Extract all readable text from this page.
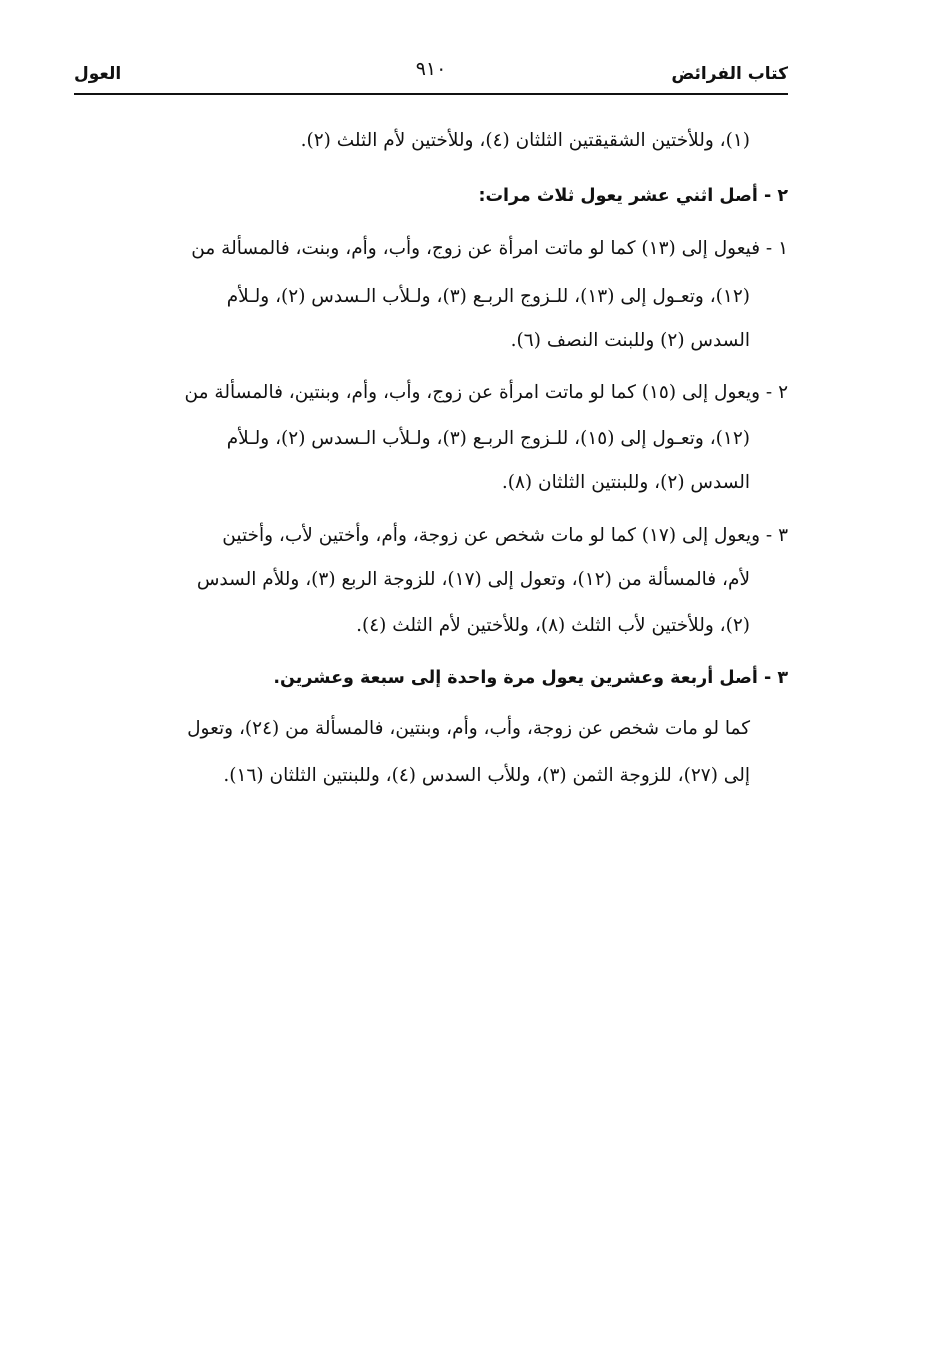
كتاب الفرائض
٩١٠
العول
(١)، وللأختين الشقيقتين الثلثان (٤)، وللأختين لأم الثلث (٢).
٢ - أصل اثني عشر يعول ثلاث مرات:
١ - فيعول إلى (١٣) كما لو ماتت امرأة عن زوج، وأب، وأم، وبنت، فالمسألة من
(١٢)، وتعـول إلى (١٣)، للـزوج الربـع (٣)، ولـلأب الـسدس (٢)، ولـلأم
السدس (٢) وللبنت النصف (٦).
٢ - ويعول إلى (١٥) كما لو ماتت امرأة عن زوج، وأب، وأم، وبنتين، فالمسألة من
(١٢)، وتعـول إلى (١٥)، للـزوج الربـع (٣)، ولـلأب الـسدس (٢)، ولـلأم
السدس (٢)، وللبنتين الثلثان (٨).
٣ - ويعول إلى (١٧) كما لو مات شخص عن زوجة، وأم، وأختين لأب، وأختين
لأم، فالمسألة من (١٢)، وتعول إلى (١٧)، للزوجة الربع (٣)، وللأم السدس
(٢)، وللأختين لأب الثلث (٨)، وللأختين لأم الثلث (٤).
٣ - أصل أربعة وعشرين يعول مرة واحدة إلى سبعة وعشرين.
كما لو مات شخص عن زوجة، وأب، وأم، وبنتين، فالمسألة من (٢٤)، وتعول
إلى (٢٧)، للزوجة الثمن (٣)، وللأب السدس (٤)، وللبنتين الثلثان (١٦).
